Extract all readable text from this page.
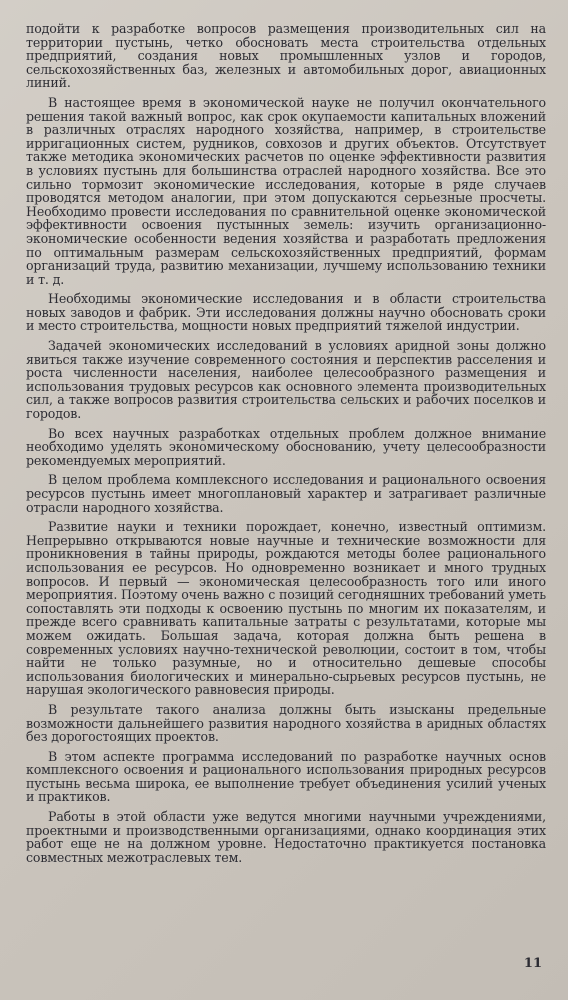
подойти к разработке вопросов размещения производительных сил на территории пустынь, четко обосновать места строительства отдельных предприятий, создания новых промышленных узлов и городов, сельскохозяйственных баз, железных и автомобильных дорог, авиационных линий.

В настоящее время в экономической науке не получил окончательного решения такой важный вопрос, как срок окупаемости капитальных вложений в различных отраслях народного хозяйства, например, в строительстве ирригационных систем, рудников, совхозов и других объектов. Отсутствует также методика экономических расчетов по оценке эффективности развития в условиях пустынь для большинства отраслей народного хозяйства. Все это сильно тормозит экономические исследования, которые в ряде случаев проводятся методом аналогии, при этом допускаются серьезные просчеты. Необходимо провести исследования по сравнительной оценке экономической эффективности освоения пустынных земель: изучить организационно-экономические особенности ведения хозяйства и разработать предложения по оптимальным размерам сельскохозяйственных предприятий, формам организаций труда, развитию механизации, лучшему использованию техники и т. д.

Необходимы экономические исследования и в области строительства новых заводов и фабрик. Эти исследования должны научно обосновать сроки и место строительства, мощности новых предприятий тяжелой индустрии.

Задачей экономических исследований в условиях аридной зоны должно явиться также изучение современного состояния и перспектив расселения и роста численности населения, наиболее целесообразного размещения и использования трудовых ресурсов как основного элемента производительных сил, а также вопросов развития строительства сельских и рабочих поселков и городов.

Во всех научных разработках отдельных проблем должное внимание необходимо уделять экономическому обоснованию, учету целесообразности рекомендуемых мероприятий.

В целом проблема комплексного исследования и рационального освоения ресурсов пустынь имеет многоплановый характер и затрагивает различные отрасли народного хозяйства.

Развитие науки и техники порождает, конечно, известный оптимизм. Непрерывно открываются новые научные и технические возможности для проникновения в тайны природы, рождаются методы более рационального использования ее ресурсов. Но одновременно возникает и много трудных вопросов. И первый — экономическая целесообразность того или иного мероприятия. Поэтому очень важно с позиций сегодняшних требований уметь сопоставлять эти подходы к освоению пустынь по многим их показателям, и прежде всего сравнивать капитальные затраты с результатами, которые мы можем ожидать. Большая задача, которая должна быть решена в современных условиях научно-технической революции, состоит в том, чтобы найти не только разумные, но и относительно дешевые способы использования биологических и минерально-сырьевых ресурсов пустынь, не нарушая экологического равновесия природы.

В результате такого анализа должны быть изысканы предельные возможности дальнейшего развития народного хозяйства в аридных областях без дорогостоящих проектов.

В этом аспекте программа исследований по разработке научных основ комплексного освоения и рационального использования природных ресурсов пустынь весьма широка, ее выполнение требует объединения усилий ученых и практиков.

Работы в этой области уже ведутся многими научными учреждениями, проектными и производственными организациями, однако координация этих работ еще не на должном уровне. Недостаточно практикуется постановка совместных межотраслевых тем.

11
